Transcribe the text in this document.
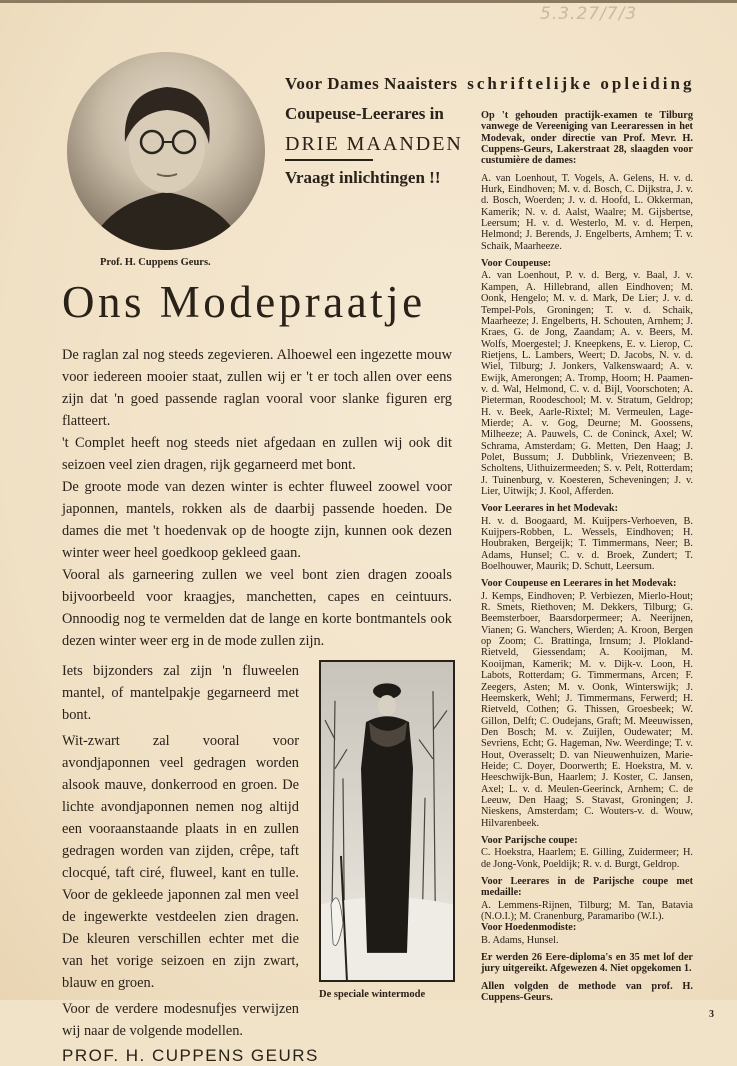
5.3.27/7/3
Prof. H. Cuppens Geurs.
Voor Dames Naaisters schriftelijke opleiding
Coupeuse-Leerares in
DRIE MAANDEN
Vraagt inlichtingen !!
Ons Modepraatje

De raglan zal nog steeds zegevieren. Alhoewel een ingezette mouw voor iedereen mooier staat, zullen wij er 't er toch allen over eens zijn dat 'n goed passende raglan vooral voor slanke figuren erg flatteert.

't Complet heeft nog steeds niet afgedaan en zullen wij ook dit seizoen veel zien dragen, rijk gegarneerd met bont.

De groote mode van dezen winter is echter fluweel zoowel voor japonnen, mantels, rokken als de daarbij passende hoeden. De dames die met 't hoedenvak op de hoogte zijn, kunnen ook dezen winter weer heel goedkoop gekleed gaan.

Vooral als garneering zullen we veel bont zien dragen zooals bijvoorbeeld voor kraagjes, manchetten, capes en ceintuurs. Onnoodig nog te vermelden dat de lange en korte bontmantels ook dezen winter weer erg in de mode zullen zijn.

Iets bijzonders zal zijn 'n fluweelen mantel, of mantelpakje gegarneerd met bont.

Wit-zwart zal vooral voor avondjaponnen veel gedragen worden alsook mauve, donkerrood en groen. De lichte avondjaponnen nemen nog altijd een vooraanstaande plaats in en zullen gedragen worden van zijden, crêpe, taft clocqué, taft ciré, fluweel, kant en tulle. Voor de gekleede japonnen zal men veel de ingewerkte vestdeelen zien dragen. De kleuren verschillen echter met die van het vorige seizoen en zijn zwart, blauw en groen.

Voor de verdere modesnufjes verwijzen wij naar de volgende modellen.

PROF. H. CUPPENS GEURS
De speciale wintermode

Op 't gehouden practijk-examen te Tilburg vanwege de Vereeniging van Leeraressen in het Modevak, onder directie van Prof. Mevr. H. Cuppens-Geurs, Lakerstraat 28, slaagden voor custumière de dames:

A. van Loenhout, T. Vogels, A. Gelens, H. v. d. Hurk, Eindhoven; M. v. d. Bosch, C. Dijkstra, J. v. d. Bosch, Woerden; J. v. d. Hoofd, L. Okkerman, Kamerik; N. v. d. Aalst, Waalre; M. Gijsbertse, Leersum; H. v. d. Westerlo, M. v. d. Herpen, Helmond; J. Berends, J. Engelberts, Arnhem; T. v. Schaik, Maarheeze.

Voor Coupeuse:

A. van Loenhout, P. v. d. Berg, v. Baal, J. v. Kampen, A. Hillebrand, allen Eindhoven; M. Oonk, Hengelo; M. v. d. Mark, De Lier; J. v. d. Tempel-Pols, Groningen; T. v. d. Schaik, Maarheeze; J. Engelberts, H. Schouten, Arnhem; J. Kraes, G. de Jong, Zaandam; A. v. Beers, M. Wolfs, Moergestel; J. Kneepkens, E. v. Lierop, C. Rietjens, L. Lambers, Weert; D. Jacobs, N. v. d. Wiel, Tilburg; J. Jonkers, Valkenswaard; A. v. Ewijk, Amerongen; A. Tromp, Hoorn; H. Paamen-v. d. Wal, Helmond, C. v. d. Bijl, Voorschoten; A. Pieterman, Roodeschool; M. v. Stratum, Geldrop; H. v. Beek, Aarle-Rixtel; M. Vermeulen, Lage-Mierde; A. v. Gog, Deurne; M. Goossens, Milheeze; A. Pauwels, C. de Coninck, Axel; W. Schrama, Amsterdam; G. Metten, Den Haag; J. Polet, Bussum; J. Dubblink, Vriezenveen; B. Scholtens, Uithuizermeeden; S. v. Pelt, Rotterdam; J. Tuinenburg, v. Koesteren, Scheveningen; J. v. Lier, Uitwijk; J. Kool, Afferden.

Voor Leerares in het Modevak:

H. v. d. Boogaard, M. Kuijpers-Verhoeven, B. Kuijpers-Robben, L. Wessels, Eindhoven; H. Houbraken, Bergeijk; T. Timmermans, Neer; B. Adams, Hunsel; C. v. d. Broek, Zundert; T. Boelhouwer, Maurik; D. Schutt, Leersum.

Voor Coupeuse en Leerares in het Modevak:

J. Kemps, Eindhoven; P. Verbiezen, Mierlo-Hout; R. Smets, Riethoven; M. Dekkers, Tilburg; G. Beemsterboer, Baarsdorpermeer; A. Neerijnen, Vianen; G. Wanchers, Wierden; A. Kroon, Bergen op Zoom; C. Brattinga, Irnsum; J. Plokland-Rietveld, Giessendam; A. Kooijman, M. Kooijman, Kamerik; M. v. Dijk-v. Loon, H. Labots, Rotterdam; G. Timmermans, Arcen; F. Zeegers, Asten; M. v. Oonk, Winterswijk; J. Heemskerk, Wehl; J. Timmermans, Ferwerd; H. Rietveld, Cothen; G. Thissen, Groesbeek; W. Gillon, Delft; C. Oudejans, Graft; M. Meeuwissen, Den Bosch; M. v. Zuijlen, Oudewater; M. Sevriens, Echt; G. Hageman, Nw. Weerdinge; T. v. Hout, Overasselt; D. van Nieuwenhuizen, Marie-Heide; C. Doyer, Doorwerth; E. Hoekstra, M. v. Heeschwijk-Bun, Haarlem; J. Koster, C. Jansen, Axel; L. v. d. Meulen-Geerinck, Arnhem; C. de Leeuw, Den Haag; S. Stavast, Groningen; J. Nieskens, Amsterdam; C. Wouters-v. d. Wouw, Hilvarenbeek.

Voor Parijsche coupe:

C. Hoekstra, Haarlem; E. Gilling, Zuidermeer; H. de Jong-Vonk, Poeldijk; R. v. d. Burgt, Geldrop.

Voor Leerares in de Parijsche coupe met medaille:

A. Lemmens-Rijnen, Tilburg; M. Tan, Batavia (N.O.I.); M. Cranenburg, Paramaribo (W.I.).

Voor Hoedenmodiste:

B. Adams, Hunsel.

Er werden 26 Eere-diploma's en 35 met lof der jury uitgereikt. Afgewezen 4. Niet opgekomen 1.

Allen volgden de methode van prof. H. Cuppens-Geurs.

3
